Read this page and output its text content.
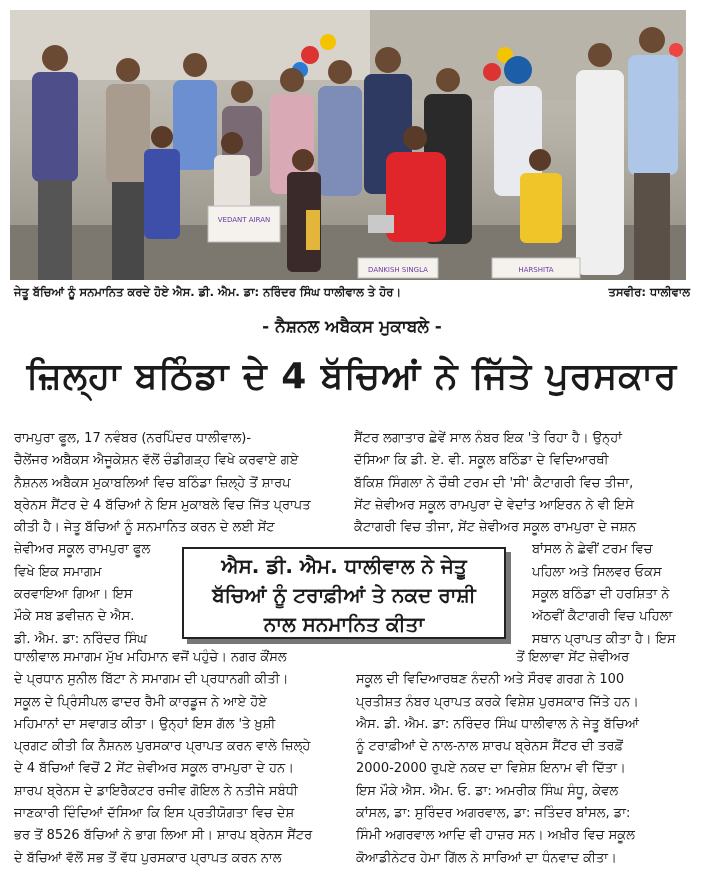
VEDANT AIRAN
DANKISH SINGLA	HARSHITA
ਜੇਤੂ ਬੱਚਿਆਂ ਨੂੰ ਸਨਮਾਨਿਤ ਕਰਦੇ ਹੋਏ ਐਸ. ਡੀ. ਐਮ. ਡਾ: ਨਰਿੰਦਰ ਸਿੰਘ ਧਾਲੀਵਾਲ ਤੇ ਹੋਰ।	ਤਸਵੀਰ: ਧਾਲੀਵਾਲ
- ਨੈਸ਼ਨਲ ਅਬੈਕਸ ਮੁਕਾਬਲੇ -
ਜ਼ਿਲ੍ਹਾ ਬਠਿੰਡਾ ਦੇ 4 ਬੱਚਿਆਂ ਨੇ ਜਿੱਤੇ ਪੁਰਸਕਾਰ
ਰਾਮਪੁਰਾ ਫੂਲ, 17 ਨਵੰਬਰ (ਨਰਪਿੰਦਰ ਧਾਲੀਵਾਲ)-
ਚੈਲੇਂਜਰ ਅਬੈਕਸ ਐਜੂਕੇਸ਼ਨ ਵੱਲੋਂ ਚੰਡੀਗੜ੍ਹ ਵਿਖੇ ਕਰਵਾਏ ਗਏ
ਨੈਸ਼ਨਲ ਅਬੈਕਸ ਮੁਕਾਬਲਿਆਂ ਵਿਚ ਬਠਿੰਡਾ ਜ਼ਿਲ੍ਹੇ ਤੋਂ ਸ਼ਾਰਪ
ਬ੍ਰੇਨਸ ਸੈਂਟਰ ਦੇ 4 ਬੱਚਿਆਂ ਨੇ ਇਸ ਮੁਕਾਬਲੇ ਵਿਚ ਜਿੱਤ ਪ੍ਰਾਪਤ
ਕੀਤੀ ਹੈ। ਜੇਤੂ ਬੱਚਿਆਂ ਨੂੰ ਸਨਮਾਨਿਤ ਕਰਨ ਦੇ ਲਈ ਸੇਂਟ
ਜ਼ੇਵੀਅਰ ਸਕੂਲ ਰਾਮਪੁਰਾ ਫੂਲ
ਵਿਖੇ ਇਕ ਸਮਾਗਮ
ਕਰਵਾਇਆ ਗਿਆ। ਇਸ
ਮੌਕੇ ਸਬ ਡਵੀਜ਼ਨ ਦੇ ਐਸ.
ਡੀ. ਐਮ. ਡਾ: ਨਰਿੰਦਰ ਸਿੰਘ
ਸੈਂਟਰ ਲਗਾਤਾਰ ਛੇਵੇਂ ਸਾਲ ਨੰਬਰ ਇਕ 'ਤੇ ਰਿਹਾ ਹੈ। ਉਨ੍ਹਾਂ
ਦੱਸਿਆ ਕਿ ਡੀ. ਏ. ਵੀ. ਸਕੂਲ ਬਠਿੰਡਾ ਦੇ ਵਿਦਿਆਰਥੀ
ਬੱਕਿਸ਼ ਸਿੰਗਲਾ ਨੇ ਚੌਥੀ ਟਰਮ ਦੀ 'ਸੀ' ਕੈਟਾਗਰੀ ਵਿਚ ਤੀਜਾ,
ਸੇਂਟ ਜ਼ੇਵੀਅਰ ਸਕੂਲ ਰਾਮਪੁਰਾ ਦੇ ਵੇਦਾਂਤ ਆਇਰਨ ਨੇ ਵੀ ਇਸੇ
ਕੈਟਾਗਰੀ ਵਿਚ ਤੀਜਾ, ਸੇਂਟ ਜ਼ੇਵੀਅਰ ਸਕੂਲ ਰਾਮਪੁਰਾ ਦੇ ਜਸ਼ਨ
ਬਾਂਸਲ ਨੇ ਛੇਵੀਂ ਟਰਮ ਵਿਚ
ਪਹਿਲਾ ਅਤੇ ਸਿਲਵਰ ਓਕਸ
ਸਕੂਲ ਬਠਿੰਡਾ ਦੀ ਹਰਸ਼ਿਤਾ ਨੇ
ਅੱਠਵੀਂ ਕੈਟਾਗਰੀ ਵਿਚ ਪਹਿਲਾ
ਸਥਾਨ ਪ੍ਰਾਪਤ ਕੀਤਾ ਹੈ। ਇਸ
ਐਸ. ਡੀ. ਐਮ. ਧਾਲੀਵਾਲ ਨੇ ਜੇਤੂ
ਬੱਚਿਆਂ ਨੂੰ ਟਰਾਫ਼ੀਆਂ ਤੇ ਨਕਦ ਰਾਸ਼ੀ
ਨਾਲ ਸਨਮਾਨਿਤ ਕੀਤਾ
ਧਾਲੀਵਾਲ ਸਮਾਗਮ ਮੁੱਖ ਮਹਿਮਾਨ ਵਜੋਂ ਪਹੁੰਚੇ। ਨਗਰ ਕੌਂਸਲ
ਦੇ ਪ੍ਰਧਾਨ ਸੁਨੀਲ ਬਿੱਟਾ ਨੇ ਸਮਾਗਮ ਦੀ ਪ੍ਰਧਾਨਗੀ ਕੀਤੀ।
ਸਕੂਲ ਦੇ ਪ੍ਰਿੰਸੀਪਲ ਫਾਦਰ ਰੈਮੀ ਕਾਰਡੂਜ ਨੇ ਆਏ ਹੋਏ
ਮਹਿਮਾਨਾਂ ਦਾ ਸਵਾਗਤ ਕੀਤਾ। ਉਨ੍ਹਾਂ ਇਸ ਗੱਲ 'ਤੇ ਖ਼ੁਸ਼ੀ
ਪ੍ਰਗਟ ਕੀਤੀ ਕਿ ਨੈਸ਼ਨਲ ਪੁਰਸਕਾਰ ਪ੍ਰਾਪਤ ਕਰਨ ਵਾਲੇ ਜ਼ਿਲ੍ਹੇ
ਦੇ 4 ਬੱਚਿਆਂ ਵਿਚੋਂ 2 ਸੇਂਟ ਜ਼ੇਵੀਅਰ ਸਕੂਲ ਰਾਮਪੁਰਾ ਦੇ ਹਨ।
ਸ਼ਾਰਪ ਬ੍ਰੇਨਸ ਦੇ ਡਾਇਰੈਕਟਰ ਰਜੀਵ ਗੋਇਲ ਨੇ ਨਤੀਜੇ ਸਬੰਧੀ
ਜਾਣਕਾਰੀ ਦਿੰਦਿਆਂ ਦੱਸਿਆ ਕਿ ਇਸ ਪ੍ਰਤੀਯੋਗਤਾ ਵਿਚ ਦੇਸ਼
ਭਰ ਤੋਂ 8526 ਬੱਚਿਆਂ ਨੇ ਭਾਗ ਲਿਆ ਸੀ। ਸ਼ਾਰਪ ਬ੍ਰੇਨਸ ਸੈਂਟਰ
ਦੇ ਬੱਚਿਆਂ ਵੱਲੋਂ ਸਭ ਤੋਂ ਵੱਧ ਪੁਰਸਕਾਰ ਪ੍ਰਾਪਤ ਕਰਨ ਨਾਲ
ਤੋਂ ਇਲਾਵਾ ਸੇਂਟ ਜ਼ੇਵੀਅਰ
ਸਕੂਲ ਦੀ ਵਿਦਿਆਰਥਣ ਨੰਦਨੀ ਅਤੇ ਸੌਰਵ ਗਰਗ ਨੇ 100
ਪ੍ਰਤੀਸ਼ਤ ਨੰਬਰ ਪ੍ਰਾਪਤ ਕਰਕੇ ਵਿਸ਼ੇਸ਼ ਪੁਰਸਕਾਰ ਜਿੱਤੇ ਹਨ।
ਐਸ. ਡੀ. ਐਮ. ਡਾ: ਨਰਿੰਦਰ ਸਿੰਘ ਧਾਲੀਵਾਲ ਨੇ ਜੇਤੂ ਬੱਚਿਆਂ
ਨੂੰ ਟਰਾਫ਼ੀਆਂ ਦੇ ਨਾਲ-ਨਾਲ ਸ਼ਾਰਪ ਬ੍ਰੇਨਸ ਸੈਂਟਰ ਦੀ ਤਰਫ਼ੋਂ
2000-2000 ਰੁਪਏ ਨਕਦ ਦਾ ਵਿਸ਼ੇਸ਼ ਇਨਾਮ ਵੀ ਦਿੱਤਾ।
ਇਸ ਮੌਕੇ ਐਸ. ਐਮ. ਓ. ਡਾ: ਅਮਰੀਕ ਸਿੰਘ ਸੰਧੂ, ਕੇਵਲ
ਕਾਂਸਲ, ਡਾ: ਸੁਰਿੰਦਰ ਅਗਰਵਾਲ, ਡਾ: ਜਤਿੰਦਰ ਬਾਂਸਲ, ਡਾ:
ਸਿੰਮੀ ਅਗਰਵਾਲ ਆਦਿ ਵੀ ਹਾਜ਼ਰ ਸਨ। ਅਖ਼ੀਰ ਵਿਚ ਸਕੂਲ
ਕੋਆਡੀਨੇਟਰ ਹੇਮਾ ਗਿੱਲ ਨੇ ਸਾਰਿਆਂ ਦਾ ਧੰਨਵਾਦ ਕੀਤਾ।
